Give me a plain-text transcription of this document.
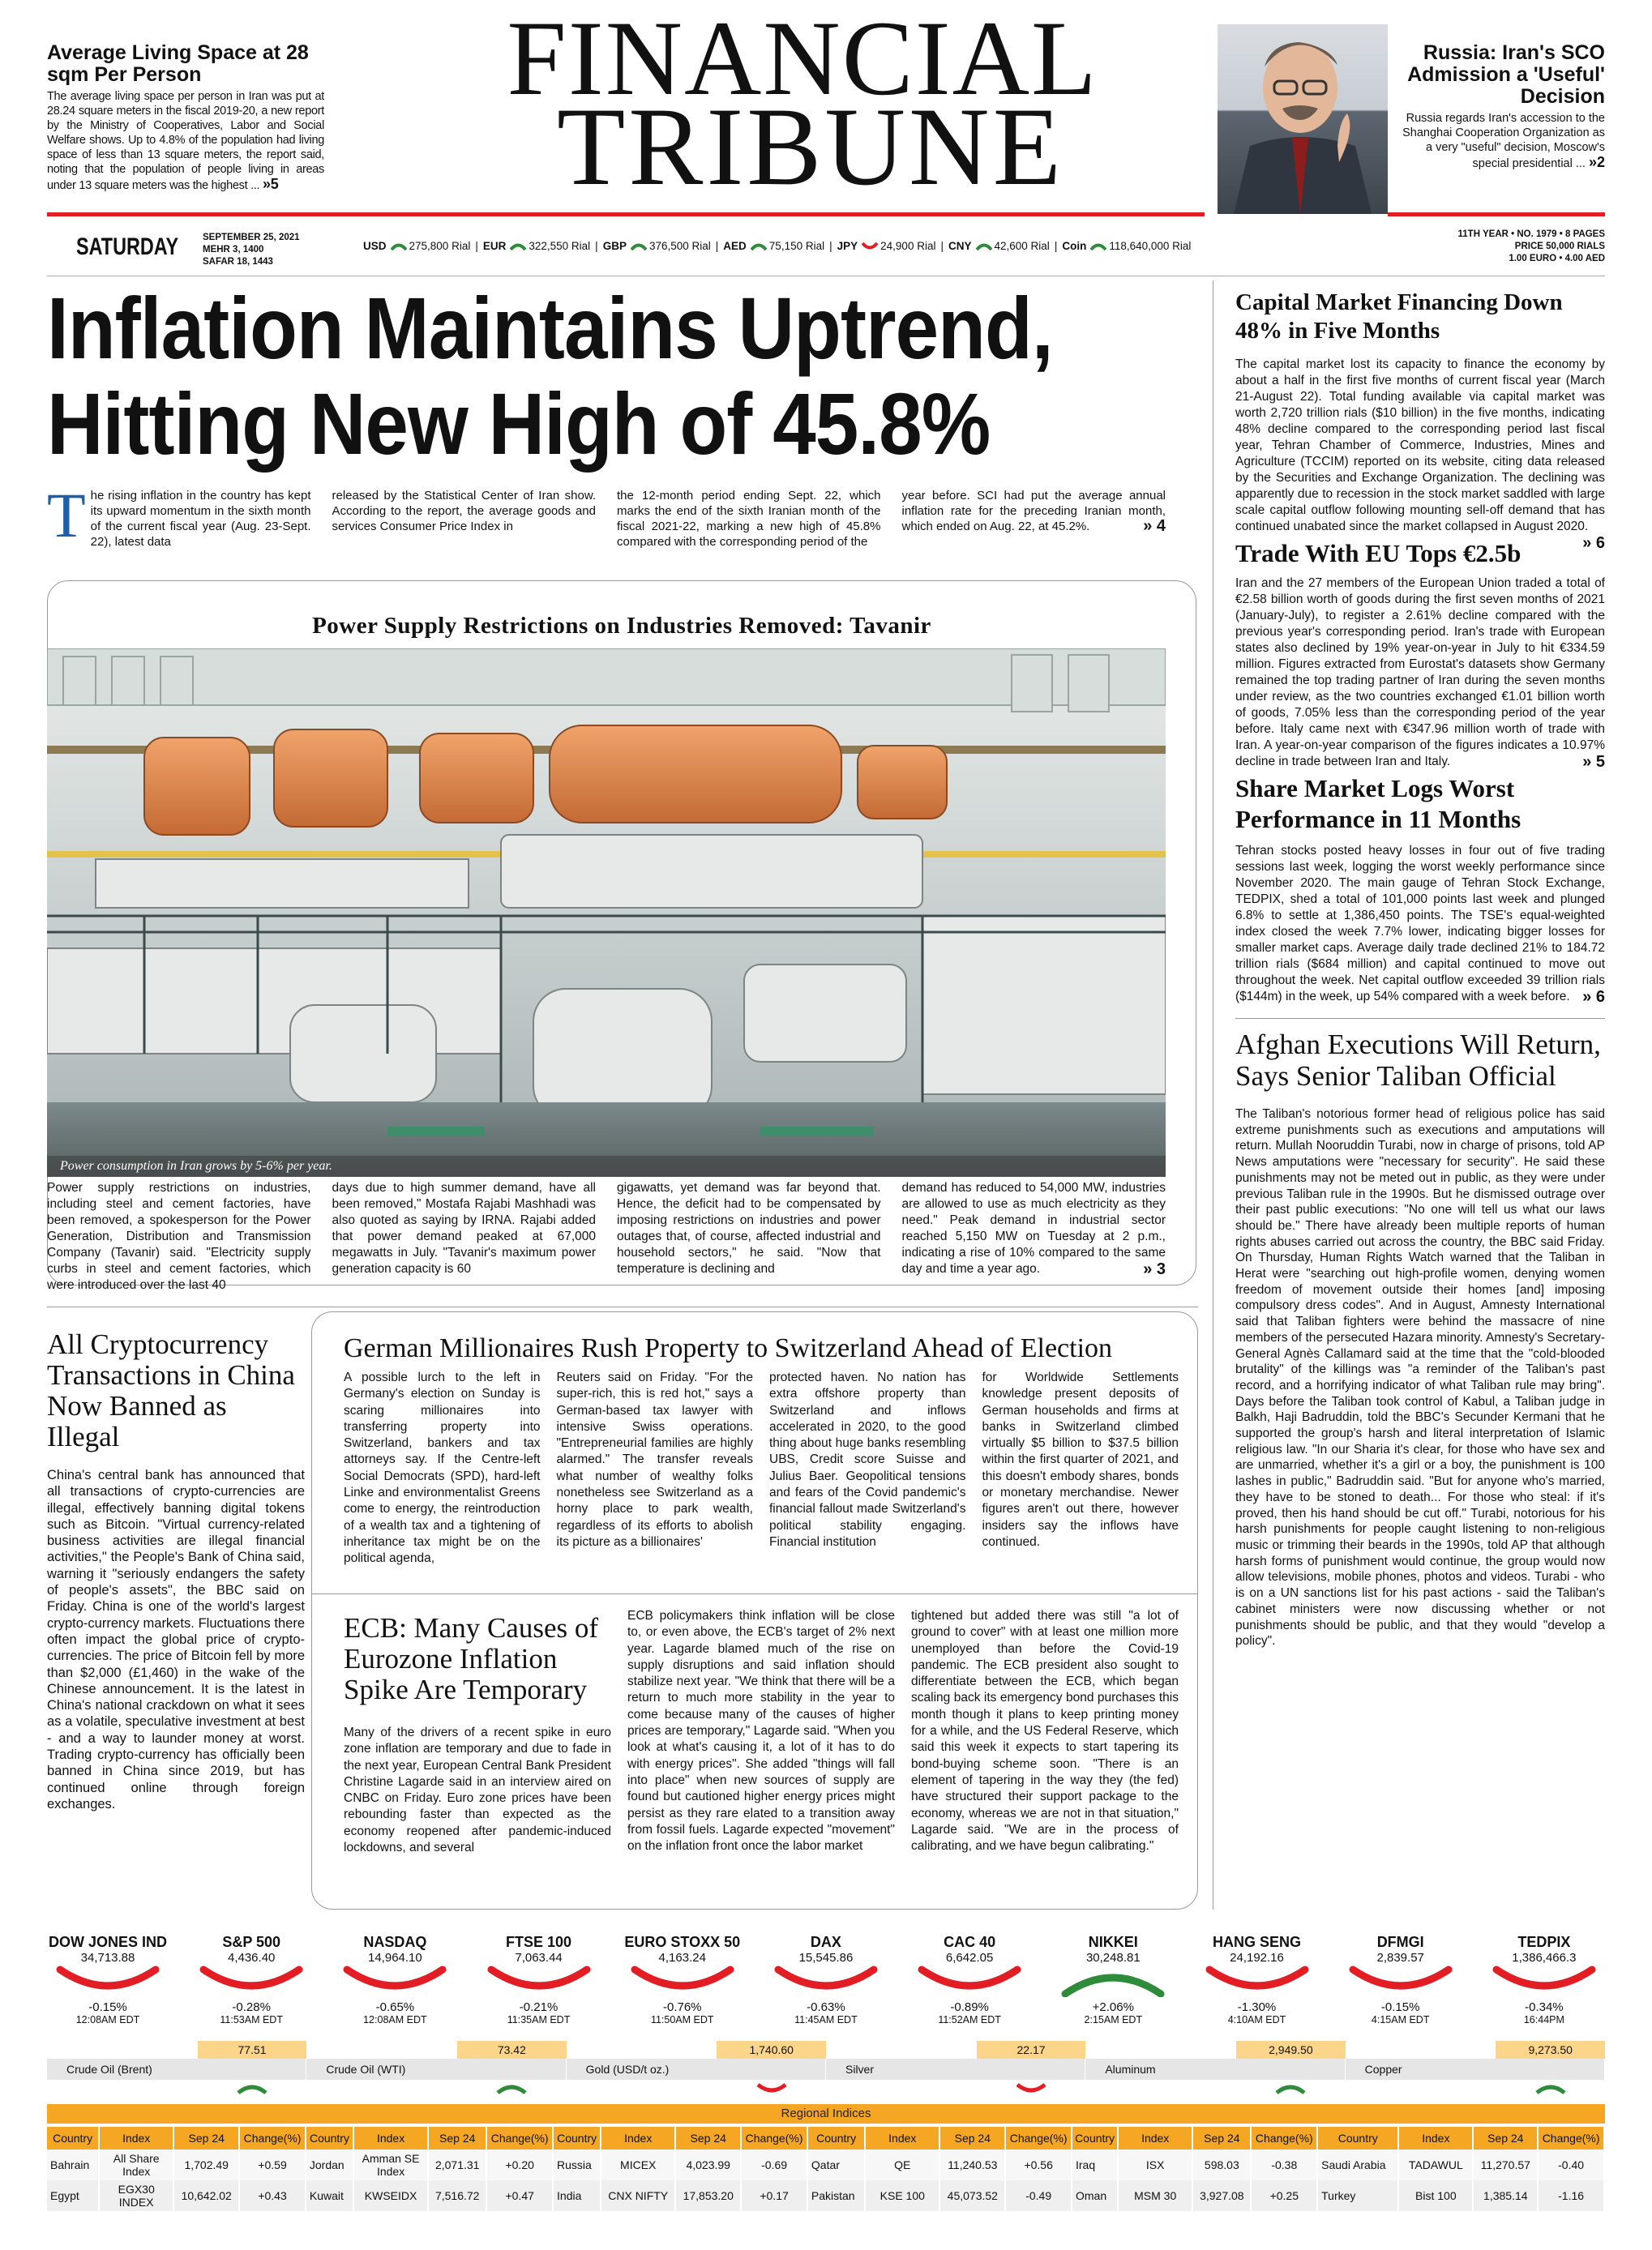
Average Living Space at 28 sqm Per Person
The average living space per person in Iran was put at 28.24 square meters in the fiscal 2019-20, a new report by the Ministry of Cooperatives, Labor and Social Welfare shows. Up to 4.8% of the population had living space of less than 13 square meters, the report said, noting that the population of people living in areas under 13 square meters was the highest ... »5
FINANCIAL
TRIBUNE
Russia: Iran's SCO Admission a 'Useful' Decision
Russia regards Iran's accession to the Shanghai Cooperation Organization as a very "useful" decision, Moscow's special presidential ... »2
SATURDAY	SEPTEMBER 25, 2021
MEHR 3, 1400
SAFAR 18, 1443
USD 275,800 Rial | EUR 322,550 Rial | GBP 376,500 Rial | AED 75,150 Rial | JPY 24,900 Rial | CNY 42,600 Rial | Coin 118,640,000 Rial
11TH YEAR • NO. 1979 • 8 PAGES
PRICE 50,000 RIALS
1.00 EURO • 4.00 AED
Inflation Maintains Uptrend,
Hitting New High of 45.8%
T he rising inflation in the country has kept its upward momentum in the sixth month of the current fiscal year (Aug. 23-Sept. 22), latest data
released by the Statistical Center of Iran show. According to the report, the average goods and services Consumer Price Index in
the 12-month period ending Sept. 22, which marks the end of the sixth Iranian month of the fiscal 2021-22, marking a new high of 45.8% compared with the corresponding period of the
year before. SCI had put the average annual inflation rate for the preceding Iranian month, which ended on Aug. 22, at 45.2%.	» 4
Power Supply Restrictions on Industries Removed: Tavanir
Power consumption in Iran grows by 5-6% per year.
Power supply restrictions on industries, including steel and cement factories, have been removed, a spokesperson for the Power Generation, Distribution and Transmission Company (Tavanir) said. "Electricity supply curbs in steel and cement factories, which were introduced over the last 40
days due to high summer demand, have all been removed," Mostafa Rajabi Mashhadi was also quoted as saying by IRNA. Rajabi added that power demand peaked at 67,000 megawatts in July. "Tavanir's maximum power generation capacity is 60
gigawatts, yet demand was far beyond that. Hence, the deficit had to be compensated by imposing restrictions on industries and power outages that, of course, affected industrial and household sectors," he said. "Now that temperature is declining and
demand has reduced to 54,000 MW, industries are allowed to use as much electricity as they need." Peak demand in industrial sector reached 5,150 MW on Tuesday at 2 p.m., indicating a rise of 10% compared to the same day and time a year ago.	» 3
Capital Market Financing Down 48% in Five Months
The capital market lost its capacity to finance the economy by about a half in the first five months of current fiscal year (March 21-August 22). Total funding available via capital market was worth 2,720 trillion rials ($10 billion) in the five months, indicating 48% decline compared to the corresponding period last fiscal year, Tehran Chamber of Commerce, Industries, Mines and Agriculture (TCCIM) reported on its website, citing data released by the Securities and Exchange Organization. The declining was apparently due to recession in the stock market saddled with large scale capital outflow following mounting sell-off demand that has continued unabated since the market collapsed in August 2020.
» 6
Trade With EU Tops €2.5b
Iran and the 27 members of the European Union traded a total of €2.58 billion worth of goods during the first seven months of 2021 (January-July), to register a 2.61% decline compared with the previous year's corresponding period. Iran's trade with European states also declined by 19% year-on-year in July to hit €334.59 million. Figures extracted from Eurostat's datasets show Germany remained the top trading partner of Iran during the seven months under review, as the two countries exchanged €1.01 billion worth of goods, 7.05% less than the corresponding period of the year before. Italy came next with €347.96 million worth of trade with Iran. A year-on-year comparison of the figures indicates a 10.97% decline in trade between Iran and Italy.	» 5
Share Market Logs Worst Performance in 11 Months
Tehran stocks posted heavy losses in four out of five trading sessions last week, logging the worst weekly performance since November 2020. The main gauge of Tehran Stock Exchange, TEDPIX, shed a total of 101,000 points last week and plunged 6.8% to settle at 1,386,450 points. The TSE's equal-weighted index closed the week 7.7% lower, indicating bigger losses for smaller market caps. Average daily trade declined 21% to 184.72 trillion rials ($684 million) and capital continued to move out throughout the week. Net capital outflow exceeded 39 trillion rials ($144m) in the week, up 54% compared with a week before. » 6
Afghan Executions Will Return, Says Senior Taliban Official
The Taliban's notorious former head of religious police has said extreme punishments such as executions and amputations will return. Mullah Nooruddin Turabi, now in charge of prisons, told AP News amputations were "necessary for security". He said these punishments may not be meted out in public, as they were under previous Taliban rule in the 1990s. But he dismissed outrage over their past public executions: "No one will tell us what our laws should be." There have already been multiple reports of human rights abuses carried out across the country, the BBC said Friday. On Thursday, Human Rights Watch warned that the Taliban in Herat were "searching out high-profile women, denying women freedom of movement outside their homes [and] imposing compulsory dress codes". And in August, Amnesty International said that Taliban fighters were behind the massacre of nine members of the persecuted Hazara minority. Amnesty's Secretary-General Agnès Callamard said at the time that the "cold-blooded brutality" of the killings was "a reminder of the Taliban's past record, and a horrifying indicator of what Taliban rule may bring". Days before the Taliban took control of Kabul, a Taliban judge in Balkh, Haji Badruddin, told the BBC's Secunder Kermani that he supported the group's harsh and literal interpretation of Islamic religious law. "In our Sharia it's clear, for those who have sex and are unmarried, whether it's a girl or a boy, the punishment is 100 lashes in public," Badruddin said. "But for anyone who's married, they have to be stoned to death... For those who steal: if it's proved, then his hand should be cut off." Turabi, notorious for his harsh punishments for people caught listening to non-religious music or trimming their beards in the 1990s, told AP that although harsh forms of punishment would continue, the group would now allow televisions, mobile phones, photos and videos. Turabi - who is on a UN sanctions list for his past actions - said the Taliban's cabinet ministers were now discussing whether or not punishments should be public, and that they would "develop a policy".
All Cryptocurrency Transactions in China Now Banned as Illegal
China's central bank has announced that all transactions of crypto-currencies are illegal, effectively banning digital tokens such as Bitcoin. "Virtual currency-related business activities are illegal financial activities," the People's Bank of China said, warning it "seriously endangers the safety of people's assets", the BBC said on Friday. China is one of the world's largest crypto-currency markets. Fluctuations there often impact the global price of crypto-currencies. The price of Bitcoin fell by more than $2,000 (£1,460) in the wake of the Chinese announcement. It is the latest in China's national crackdown on what it sees as a volatile, speculative investment at best - and a way to launder money at worst. Trading crypto-currency has officially been banned in China since 2019, but has continued online through foreign exchanges.
German Millionaires Rush Property to Switzerland Ahead of Election
A possible lurch to the left in Germany's election on Sunday is scaring millionaires into transferring property into Switzerland, bankers and tax attorneys say. If the Centre-left Social Democrats (SPD), hard-left Linke and environmentalist Greens come to energy, the reintroduction of a wealth tax and a tightening of inheritance tax might be on the political agenda,
Reuters said on Friday. "For the super-rich, this is red hot," says a German-based tax lawyer with intensive Swiss operations. "Entrepreneurial families are highly alarmed." The transfer reveals what number of wealthy folks nonetheless see Switzerland as a horny place to park wealth, regardless of its efforts to abolish its picture as a billionaires'
protected haven. No nation has extra offshore property than Switzerland and inflows accelerated in 2020, to the good thing about huge banks resembling UBS, Credit score Suisse and Julius Baer. Geopolitical tensions and fears of the Covid pandemic's financial fallout made Switzerland's political stability engaging. Financial institution
for Worldwide Settlements knowledge present deposits of German households and firms at banks in Switzerland climbed virtually $5 billion to $37.5 billion within the first quarter of 2021, and this doesn't embody shares, bonds or monetary merchandise. Newer figures aren't out there, however insiders say the inflows have continued.
ECB: Many Causes of Eurozone Inflation Spike Are Temporary
Many of the drivers of a recent spike in euro zone inflation are temporary and due to fade in the next year, European Central Bank President Christine Lagarde said in an interview aired on CNBC on Friday. Euro zone prices have been rebounding faster than expected as the economy reopened after pandemic-induced lockdowns, and several
ECB policymakers think inflation will be close to, or even above, the ECB's target of 2% next year. Lagarde blamed much of the rise on supply disruptions and said inflation should stabilize next year. "We think that there will be a return to much more stability in the year to come because many of the causes of higher prices are temporary," Lagarde said. "When you look at what's causing it, a lot of it has to do with energy prices". She added "things will fall into place" when new sources of supply are found but cautioned higher energy prices might persist as they rare elated to a transition away from fossil fuels. Lagarde expected "movement" on the inflation front once the labor market
tightened but added there was still "a lot of ground to cover" with at least one million more unemployed than before the Covid-19 pandemic. The ECB president also sought to differentiate between the ECB, which began scaling back its emergency bond purchases this month though it plans to keep printing money for a while, and the US Federal Reserve, which said this week it expects to start tapering its bond-buying scheme soon. "There is an element of tapering in the way they (the fed) have structured their support package to the economy, whereas we are not in that situation," Lagarde said. "We are in the process of calibrating, and we have begun calibrating."
DOW JONES IND
34,713.88
-0.15%
12:08AM EDT
S&P 500
4,436.40
-0.28%
11:53AM EDT
NASDAQ
14,964.10
-0.65%
12:08AM EDT
FTSE 100
7,063.44
-0.21%
11:35AM EDT
EURO STOXX 50
4,163.24
-0.76%
11:50AM EDT
DAX
15,545.86
-0.63%
11:45AM EDT
CAC 40
6,642.05
-0.89%
11:52AM EDT
NIKKEI
30,248.81
+2.06%
2:15AM EDT
HANG SENG
24,192.16
-1.30%
4:10AM EDT
DFMGI
2,839.57
-0.15%
4:15AM EDT
TEDPIX
1,386,466.3
-0.34%
16:44PM
77.51
Crude Oil (Brent)
73.42
Crude Oil (WTI)
1,740.60
Gold (USD/t oz.)
22.17
Silver
2,949.50
Aluminum
9,273.50
Copper
Regional Indices
Country	Index	Sep 24	Change(%)	Country	Index	Sep 24	Change(%)	Country	Index	Sep 24	Change(%)	Country	Index	Sep 24	Change(%)	Country	Index	Sep 24	Change(%)	Country	Index	Sep 24	Change(%)
Bahrain	All Share Index	1,702.49	+0.59	Jordan	Amman SE Index	2,071.31	+0.20	Russia	MICEX	4,023.99	-0.69	Qatar	QE	11,240.53	+0.56	Iraq	ISX	598.03	-0.38	Saudi Arabia	TADAWUL	11,270.57	-0.40
Egypt	EGX30 INDEX	10,642.02	+0.43	Kuwait	KWSEIDX	7,516.72	+0.47	India	CNX NIFTY	17,853.20	+0.17	Pakistan	KSE 100	45,073.52	-0.49	Oman	MSM 30	3,927.08	+0.25	Turkey	Bist 100	1,385.14	-1.16
